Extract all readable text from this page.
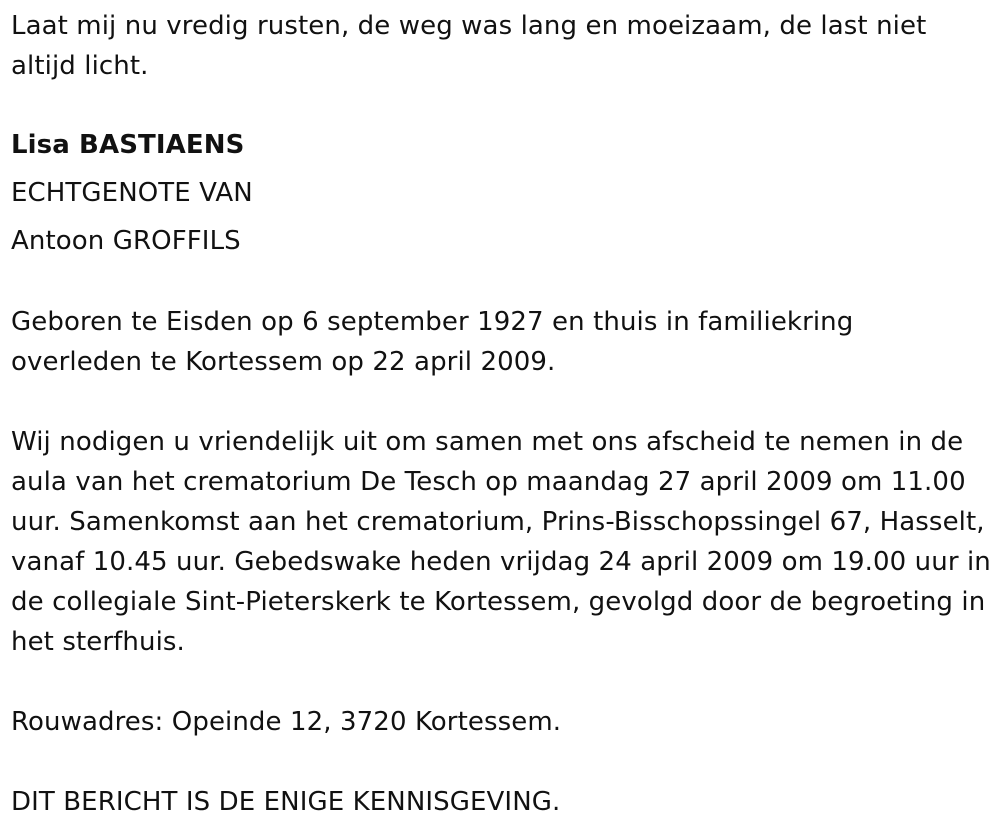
Laat mij nu vredig rusten, de weg was lang en moeizaam, de last niet altijd licht.

Lisa BASTIAENS

ECHTGENOTE VAN

Antoon GROFFILS

Geboren te Eisden op 6 september 1927 en thuis in familiekring overleden te Kortessem op 22 april 2009.

Wij nodigen u vriendelijk uit om samen met ons afscheid te nemen in de aula van het crematorium De Tesch op maandag 27 april 2009 om 11.00 uur. Samenkomst aan het crematorium, Prins-Bisschopssingel 67, Hasselt, vanaf 10.45 uur. Gebedswake heden vrijdag 24 april 2009 om 19.00 uur in de collegiale Sint-Pieterskerk te Kortessem, gevolgd door de begroeting in het sterfhuis.

Rouwadres: Opeinde 12, 3720 Kortessem.

DIT BERICHT IS DE ENIGE KENNISGEVING.
